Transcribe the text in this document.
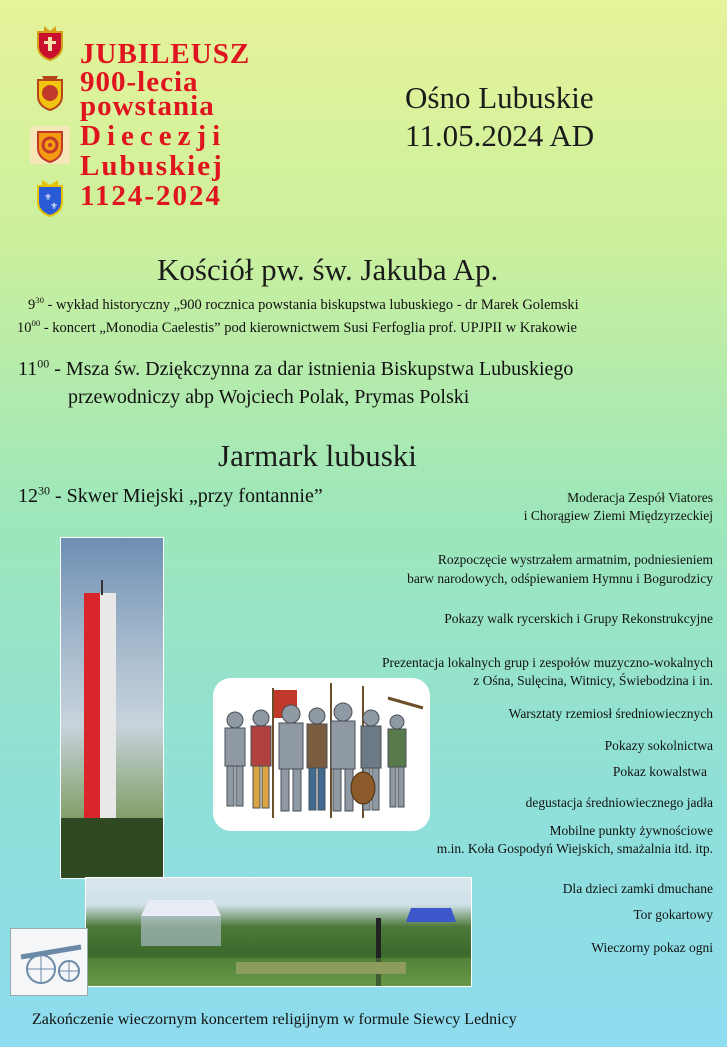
⚜
⚜
JUBILEUSZ
900-lecia
powstania
Diecezji
Lubuskiej
1124-2024
Ośno Lubuskie
11.05.2024 AD
Kościół pw. św. Jakuba Ap.
$9^{30}$ - wykład historyczny „900 rocznica powstania biskupstwa lubuskiego - dr Marek Golemski
$10^{00}$ - koncert „Monodia Caelestis” pod kierownictwem Susi Ferfoglia prof. UPJPII w Krakowie
$11^{00}$ - Msza św. Dziękczynna za dar istnienia Biskupstwa Lubuskiego
przewodniczy abp Wojciech Polak, Prymas Polski
Jarmark lubuski
$12^{30}$ - Skwer Miejski „przy fontannie”	Moderacja Zespół Viatores
i Chorągiew Ziemi Międzyrzeckiej
Rozpoczęcie wystrzałem armatnim, podniesieniem
barw narodowych, odśpiewaniem Hymnu i Bogurodzicy
Pokazy walk rycerskich i Grupy Rekonstrukcyjne
Prezentacja lokalnych grup i zespołów muzyczno-wokalnych
z Ośna, Sulęcina, Witnicy, Świebodzina i in.
Warsztaty rzemiosł średniowiecznych
Pokazy sokolnictwa
Pokaz kowalstwa
degustacja średniowiecznego jadła
Mobilne punkty żywnościowe
m.in. Koła Gospodyń Wiejskich, smażalnia itd. itp.
Dla dzieci zamki dmuchane
Tor gokartowy
Wieczorny pokaz ogni
Zakończenie wieczornym koncertem religijnym w formule Siewcy Lednicy
